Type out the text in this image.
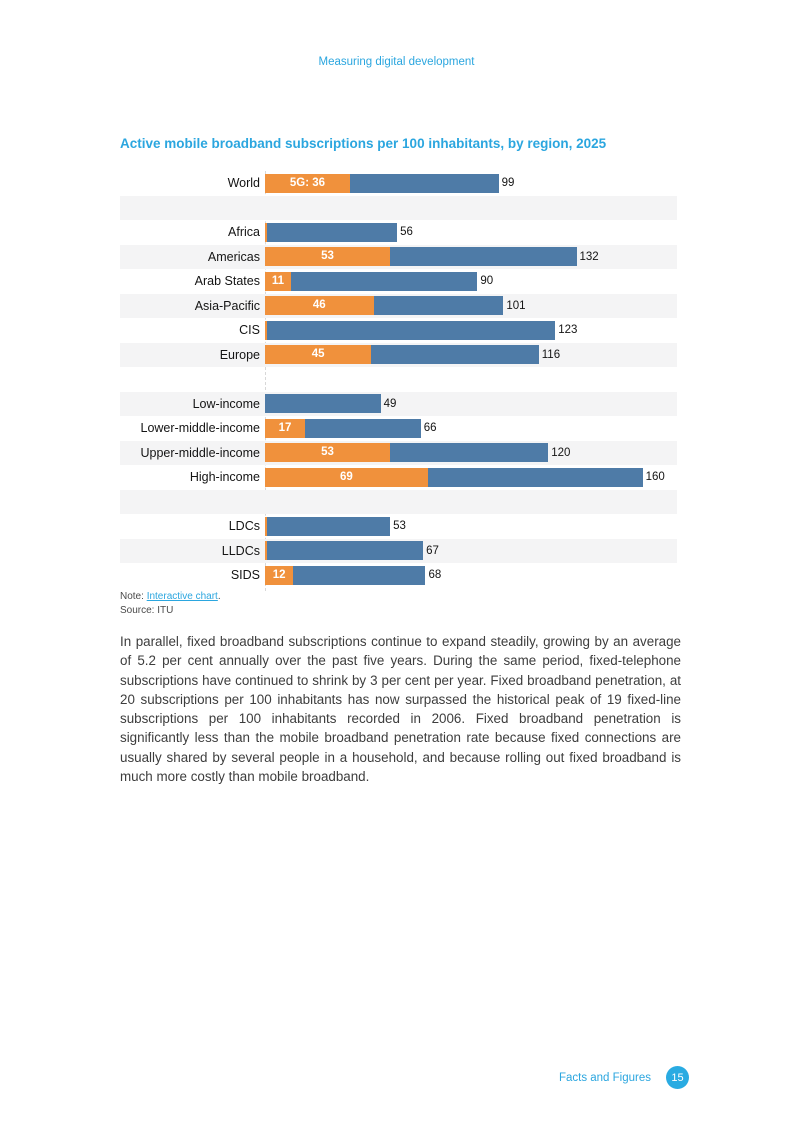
Measuring digital development
Active mobile broadband subscriptions per 100 inhabitants, by region, 2025
World	5G: 36	99
Africa	56
Americas	53	132
Arab States	11	90
Asia-Pacific	46	101
CIS	123
Europe	45	116
Low-income	49
Lower-middle-income	17	66
Upper-middle-income	53	120
High-income	69	160
LDCs	53
LLDCs	67
SIDS	12	68
Note: Interactive chart.
Source: ITU
In parallel, fixed broadband subscriptions continue to expand steadily, growing by an average of 5.2 per cent annually over the past five years. During the same period, fixed-telephone subscriptions have continued to shrink by 3 per cent per year. Fixed broadband penetration, at 20 subscriptions per 100 inhabitants has now surpassed the historical peak of 19 fixed-line subscriptions per 100 inhabitants recorded in 2006. Fixed broadband penetration is significantly less than the mobile broadband penetration rate because fixed connections are usually shared by several people in a household, and because rolling out fixed broadband is much more costly than mobile broadband.
Facts and Figures	15
